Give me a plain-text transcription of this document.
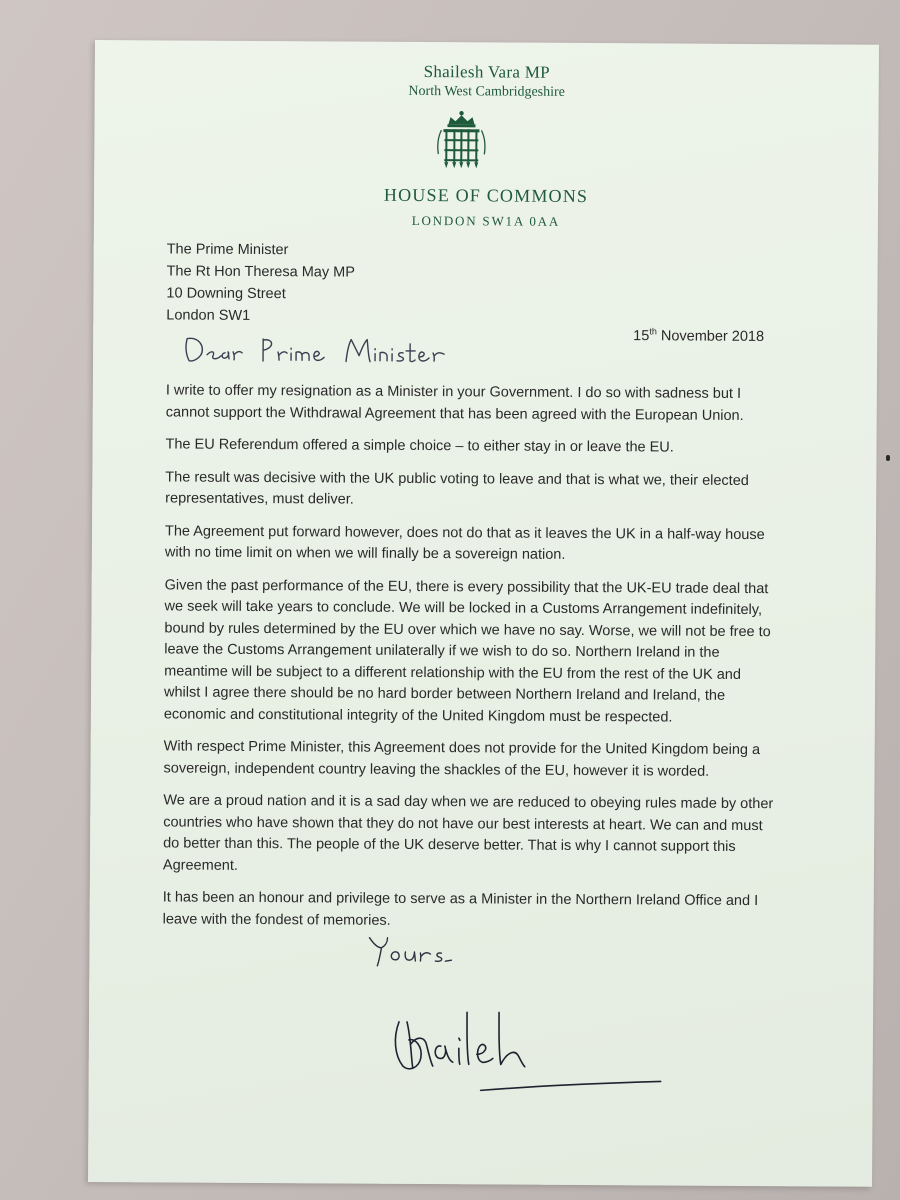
Shailesh Vara MP
North West Cambridgeshire
HOUSE OF COMMONS
LONDON SW1A 0AA
The Prime Minister
The Rt Hon Theresa May MP
10 Downing Street
London SW1
15th November 2018

I write to offer my resignation as a Minister in your Government. I do so with sadness but I cannot support the Withdrawal Agreement that has been agreed with the European Union.

The EU Referendum offered a simple choice – to either stay in or leave the EU.

The result was decisive with the UK public voting to leave and that is what we, their elected representatives, must deliver.

The Agreement put forward however, does not do that as it leaves the UK in a half-way house with no time limit on when we will finally be a sovereign nation.

Given the past performance of the EU, there is every possibility that the UK-EU trade deal that we seek will take years to conclude. We will be locked in a Customs Arrangement indefinitely, bound by rules determined by the EU over which we have no say. Worse, we will not be free to leave the Customs Arrangement unilaterally if we wish to do so. Northern Ireland in the meantime will be subject to a different relationship with the EU from the rest of the UK and whilst I agree there should be no hard border between Northern Ireland and Ireland, the economic and constitutional integrity of the United Kingdom must be respected.

With respect Prime Minister, this Agreement does not provide for the United Kingdom being a sovereign, independent country leaving the shackles of the EU, however it is worded.

We are a proud nation and it is a sad day when we are reduced to obeying rules made by other countries who have shown that they do not have our best interests at heart. We can and must do better than this. The people of the UK deserve better. That is why I cannot support this Agreement.

It has been an honour and privilege to serve as a Minister in the Northern Ireland Office and I leave with the fondest of memories.
